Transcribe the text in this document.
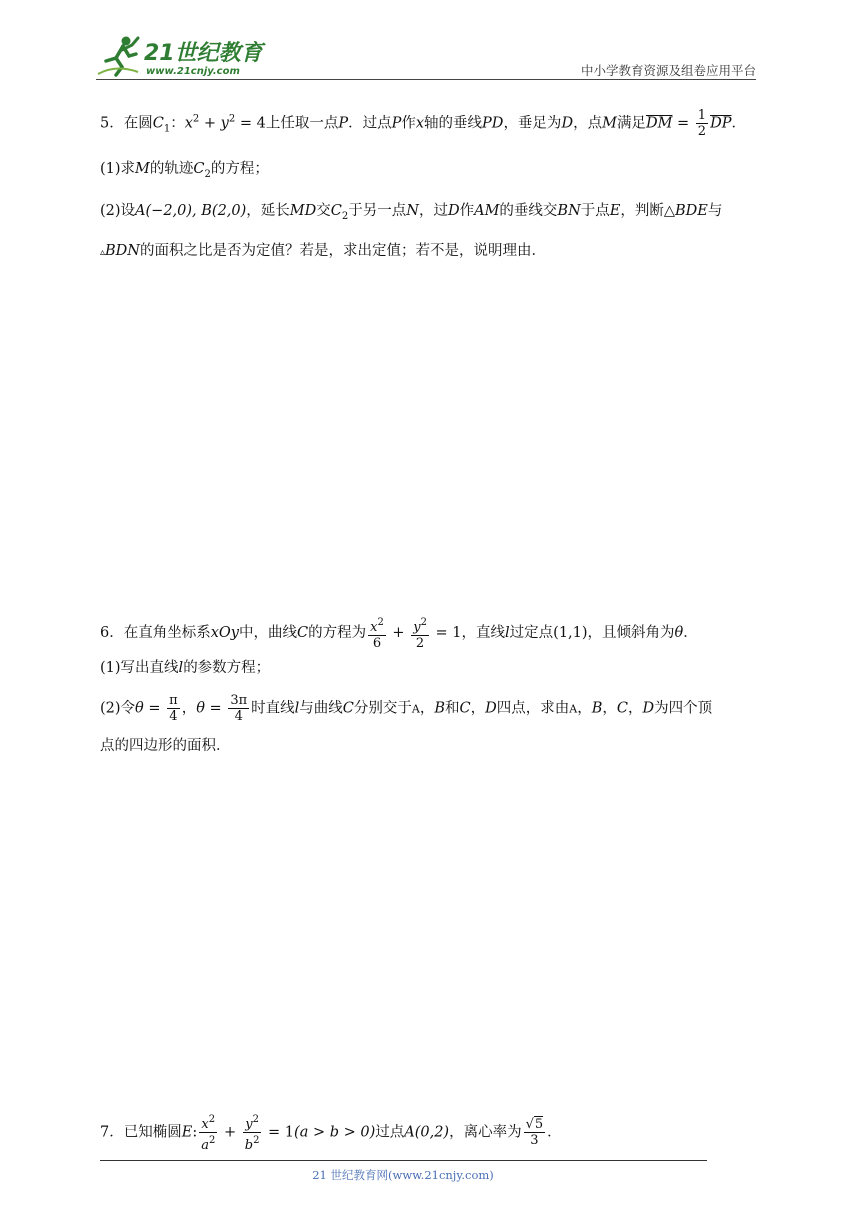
21世纪教育
www.21cnjy.com	中小学教育资源及组卷应用平台
5．在圆$C_1$：$x^2 + y^2 = 4$上任取一点P．过点P作x轴的垂线PD，垂足为D，点M满足$\overline{DM} = \frac{1}{2} \overline{DP}$．
(1)求M的轨迹$C_2$的方程；
(2)设A(−2,0), B(2,0)，延长MD交$C_2$于另一点N，过D作AM的垂线交BN于点E，判断△BDE与
▵BDN的面积之比是否为定值？若是，求出定值；若不是，说明理由．
6．在直角坐标系xOy中，曲线C的方程为 $\frac{x^2}{6} + \frac{y^2}{2} = 1$，直线l过定点(1,1)，且倾斜角为θ．
(1)写出直线l的参数方程；
(2)令$\theta = \frac{\pi}{4}$ ，$\theta = \frac{3\pi}{4}$ 时直线l与曲线C分别交于A，B和C，D四点，求由A，B，C，D为四个顶
点的四边形的面积．
7．已知椭圆E: $\frac{x^2}{a^2} + \frac{y^2}{b^2} = 1(a > b > 0)$过点A(0,2)，离心率为 $\frac{√5}{3}$ ．
21 世纪教育网(www.21cnjy.com)
